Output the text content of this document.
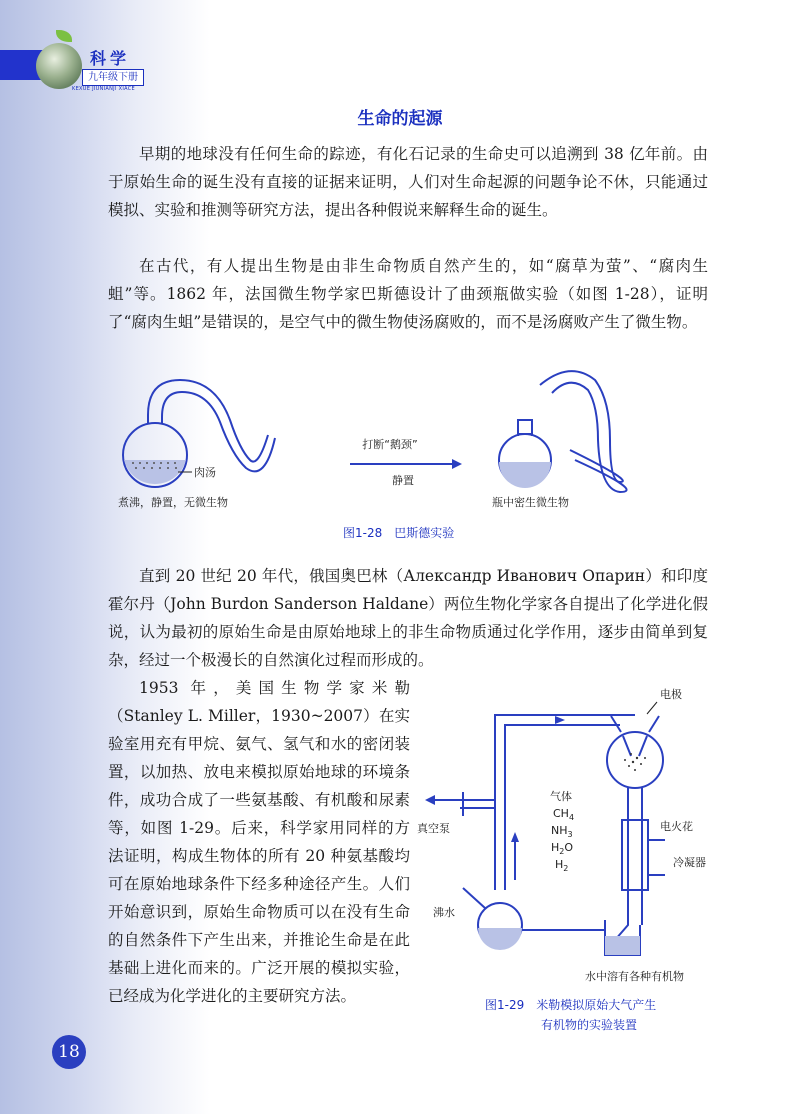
科学
九年级下册
KEXUE JIUNIANJI XIACE
生命的起源

早期的地球没有任何生命的踪迹，有化石记录的生命史可以追溯到 38 亿年前。由于原始生命的诞生没有直接的证据来证明，人们对生命起源的问题争论不休，只能通过模拟、实验和推测等研究方法，提出各种假说来解释生命的诞生。

在古代，有人提出生物是由非生命物质自然产生的，如“腐草为萤”、“腐肉生蛆”等。1862 年，法国微生物学家巴斯德设计了曲颈瓶做实验（如图 1-28），证明了“腐肉生蛆”是错误的，是空气中的微生物使汤腐败的，而不是汤腐败产生了微生物。

肉汤
煮沸，静置，无微生物
打断“鹅颈”
静置
瓶中密生微生物
图1-28　巴斯德实验

直到 20 世纪 20 年代，俄国奥巴林（Александр Иванович Опарин）和印度霍尔丹（John Burdon Sanderson Haldane）两位生物化学家各自提出了化学进化假说，认为最初的原始生命是由原始地球上的非生命物质通过化学作用，逐步由简单到复杂，经过一个极漫长的自然演化过程而形成的。

1953 年，美国生物学家米勒（Stanley L. Miller，1930~2007）在实验室用充有甲烷、氨气、氢气和水的密闭装置，以加热、放电来模拟原始地球的环境条件，成功合成了一些氨基酸、有机酸和尿素等，如图 1-29。后来，科学家用同样的方法证明，构成生物体的所有 20 种氨基酸均可在原始地球条件下经多种途径产生。人们开始意识到，原始生命物质可以在没有生命的自然条件下产生出来，并推论生命是在此基础上进化而来的。广泛开展的模拟实验，已经成为化学进化的主要研究方法。

电极
气体
$CH_4$
$NH_3$
$H_2O$
$H_2$
真空泵	电火花
冷凝器
沸水
水中溶有各种有机物
图1-29　米勒模拟原始大气产生
有机物的实验装置
18
